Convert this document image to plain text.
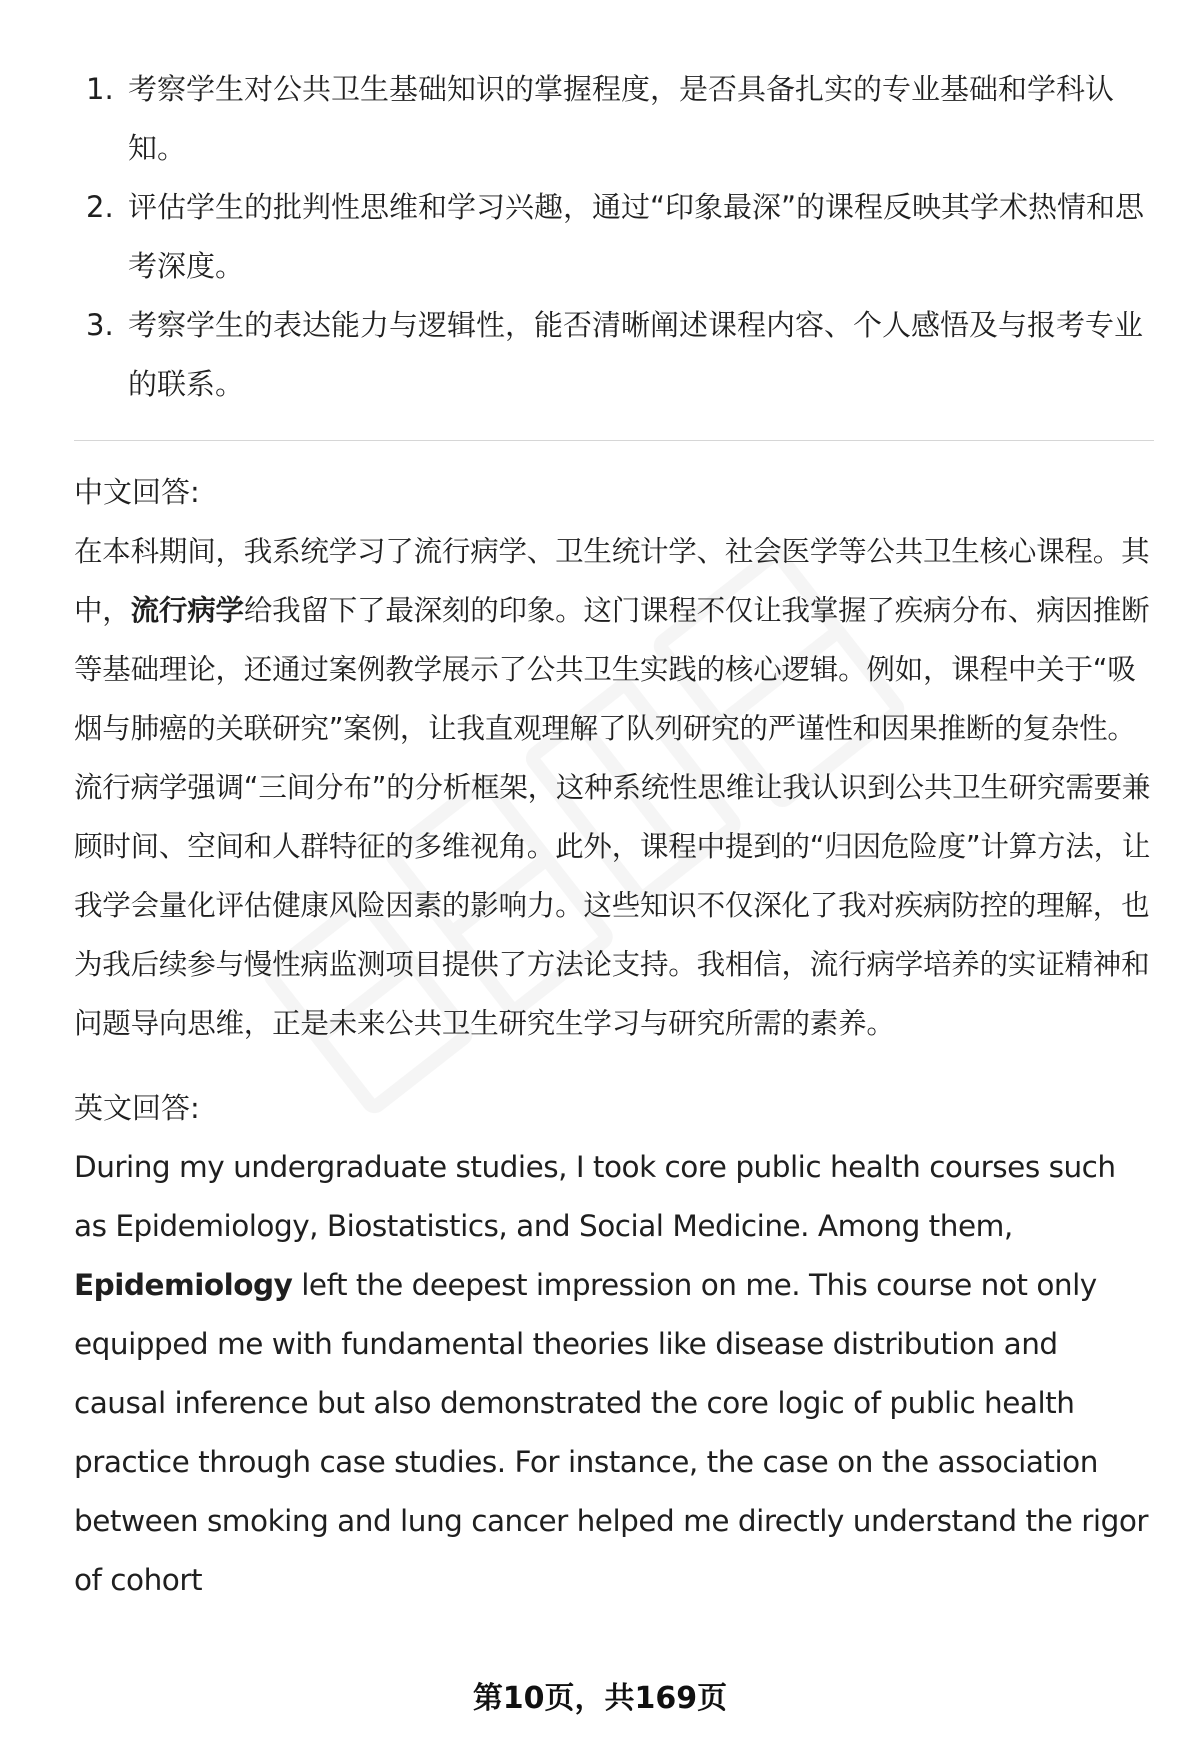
1. 考察学生对公共卫生基础知识的掌握程度，是否具备扎实的专业基础和学科认知。
2. 评估学生的批判性思维和学习兴趣，通过“印象最深”的课程反映其学术热情和思考深度。
3. 考察学生的表达能力与逻辑性，能否清晰阐述课程内容、个人感悟及与报考专业的联系。

中文回答:

在本科期间，我系统学习了流行病学、卫生统计学、社会医学等公共卫生核心课程。其中，流行病学给我留下了最深刻的印象。这门课程不仅让我掌握了疾病分布、病因推断等基础理论，还通过案例教学展示了公共卫生实践的核心逻辑。例如，课程中关于“吸烟与肺癌的关联研究”案例，让我直观理解了队列研究的严谨性和因果推断的复杂性。流行病学强调“三间分布”的分析框架，这种系统性思维让我认识到公共卫生研究需要兼顾时间、空间和人群特征的多维视角。此外，课程中提到的“归因危险度”计算方法，让我学会量化评估健康风险因素的影响力。这些知识不仅深化了我对疾病防控的理解，也为我后续参与慢性病监测项目提供了方法论支持。我相信，流行病学培养的实证精神和问题导向思维，正是未来公共卫生研究生学习与研究所需的素养。

英文回答:

During my undergraduate studies, I took core public health courses such as Epidemiology, Biostatistics, and Social Medicine. Among them, Epidemiology left the deepest impression on me. This course not only equipped me with fundamental theories like disease distribution and causal inference but also demonstrated the core logic of public health practice through case studies. For instance, the case on the association between smoking and lung cancer helped me directly understand the rigor of cohort

第10页，共169页
